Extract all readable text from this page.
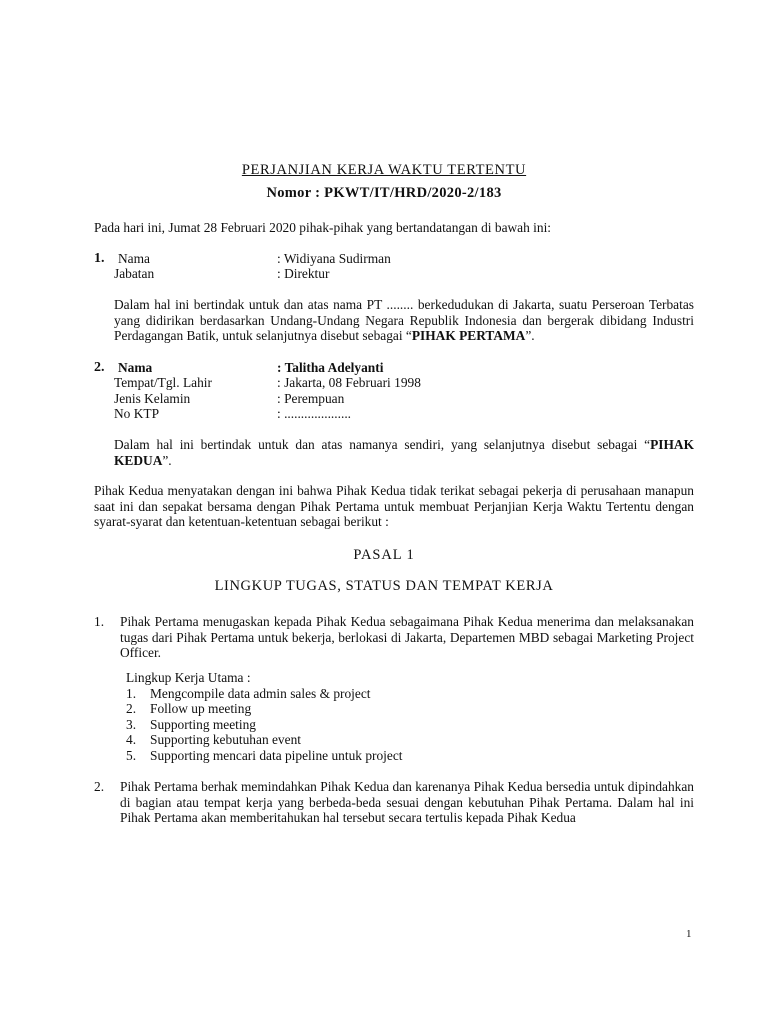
PERJANJIAN KERJA WAKTU TERTENTU
Nomor : PKWT/IT/HRD/2020-2/183
Pada hari ini, Jumat 28 Februari 2020 pihak-pihak yang bertandatangan di bawah ini:
1. Nama	: Widiyana Sudirman
Jabatan	: Direktur
Dalam hal ini bertindak untuk dan atas nama PT ........ berkedudukan di Jakarta, suatu Perseroan Terbatas yang didirikan berdasarkan Undang-Undang Negara Republik Indonesia dan bergerak dibidang Industri Perdagangan Batik, untuk selanjutnya disebut sebagai “PIHAK PERTAMA”.
2. Nama	: Talitha Adelyanti
Tempat/Tgl. Lahir	: Jakarta, 08 Februari 1998
Jenis Kelamin	: Perempuan
No KTP	: ....................
Dalam hal ini bertindak untuk dan atas namanya sendiri, yang selanjutnya disebut sebagai “PIHAK KEDUA”.
Pihak Kedua menyatakan dengan ini bahwa Pihak Kedua tidak terikat sebagai pekerja di perusahaan manapun saat ini dan sepakat bersama dengan Pihak Pertama untuk membuat Perjanjian Kerja Waktu Tertentu dengan syarat-syarat dan ketentuan-ketentuan sebagai berikut :
PASAL 1
LINGKUP TUGAS, STATUS DAN TEMPAT KERJA
1. Pihak Pertama menugaskan kepada Pihak Kedua sebagaimana Pihak Kedua menerima dan melaksanakan tugas dari Pihak Pertama untuk bekerja, berlokasi di Jakarta, Departemen MBD sebagai Marketing Project Officer.
Lingkup Kerja Utama :
1.	Mengcompile data admin sales & project
2.	Follow up meeting
3.	Supporting meeting
4.	Supporting kebutuhan event
5.	Supporting mencari data pipeline untuk project
2. Pihak Pertama berhak memindahkan Pihak Kedua dan karenanya Pihak Kedua bersedia untuk dipindahkan di bagian atau tempat kerja yang berbeda-beda sesuai dengan kebutuhan Pihak Pertama. Dalam hal ini Pihak Pertama akan memberitahukan hal tersebut secara tertulis kepada Pihak Kedua
1
